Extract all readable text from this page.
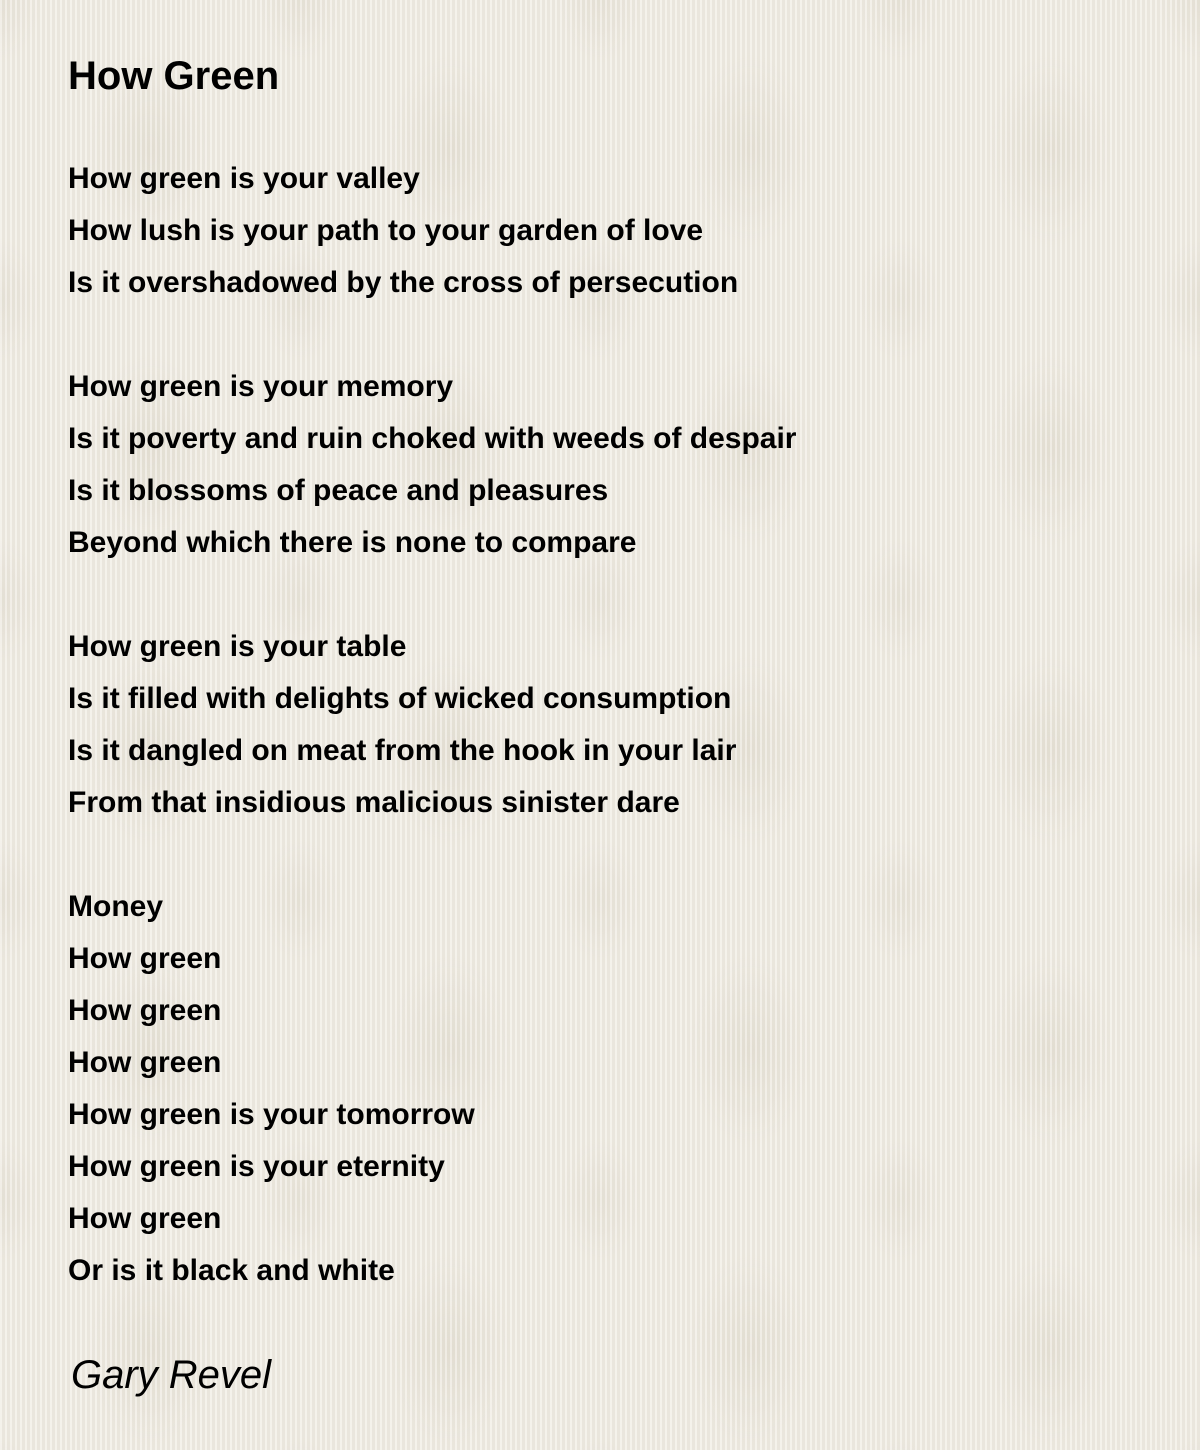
How Green
How green is your valley
How lush is your path to your garden of love
Is it overshadowed by the cross of persecution
How green is your memory
Is it poverty and ruin choked with weeds of despair
Is it blossoms of peace and pleasures
Beyond which there is none to compare
How green is your table
Is it filled with delights of wicked consumption
Is it dangled on meat from the hook in your lair
From that insidious malicious sinister dare
Money
How green
How green
How green
How green is your tomorrow
How green is your eternity
How green
Or is it black and white
Gary Revel
